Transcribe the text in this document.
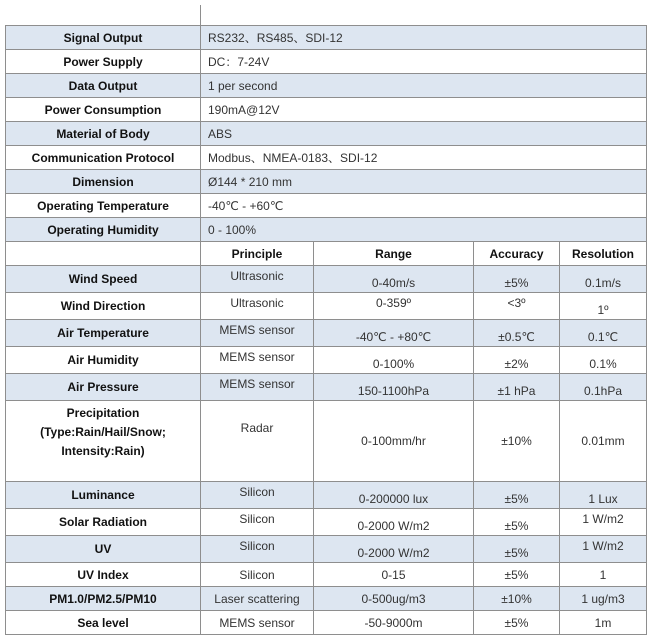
Signal Output	RS232、RS485、SDI-12			
Power Supply	DC：7-24V			
Data Output	1 per second			
Power Consumption	190mA@12V			
Material of Body	ABS			
Communication Protocol	Modbus、NMEA-0183、SDI-12			
Dimension	Ø144 * 210 mm			
Operating Temperature	-40℃ - +60℃			
Operating Humidity	0 - 100%			
	Principle	Range	Accuracy	Resolution
Wind Speed	Ultrasonic	0-40m/s	±5%	0.1m/s
Wind Direction	Ultrasonic	0-359º	<3º	1º
Air Temperature	MEMS sensor	-40℃ - +80℃	±0.5℃	0.1℃
Air Humidity	MEMS sensor	0-100%	±2%	0.1%
Air Pressure	MEMS sensor	150-1100hPa	±1 hPa	0.1hPa

Precipitation
(Type:Rain/Hail/Snow;
Intensity:Rain)	Radar	0-100mm/hr	±10%	0.01mm
Luminance	Silicon	0-200000 lux	±5%	1 Lux
Solar Radiation	Silicon	0-2000 W/m2	±5%	1 W/m2
UV	Silicon	0-2000 W/m2	±5%	1 W/m2
UV Index	Silicon	0-15	±5%	1
PM1.0/PM2.5/PM10	Laser scattering	0-500ug/m3	±10%	1 ug/m3
Sea level	MEMS sensor	-50-9000m	±5%	1m
